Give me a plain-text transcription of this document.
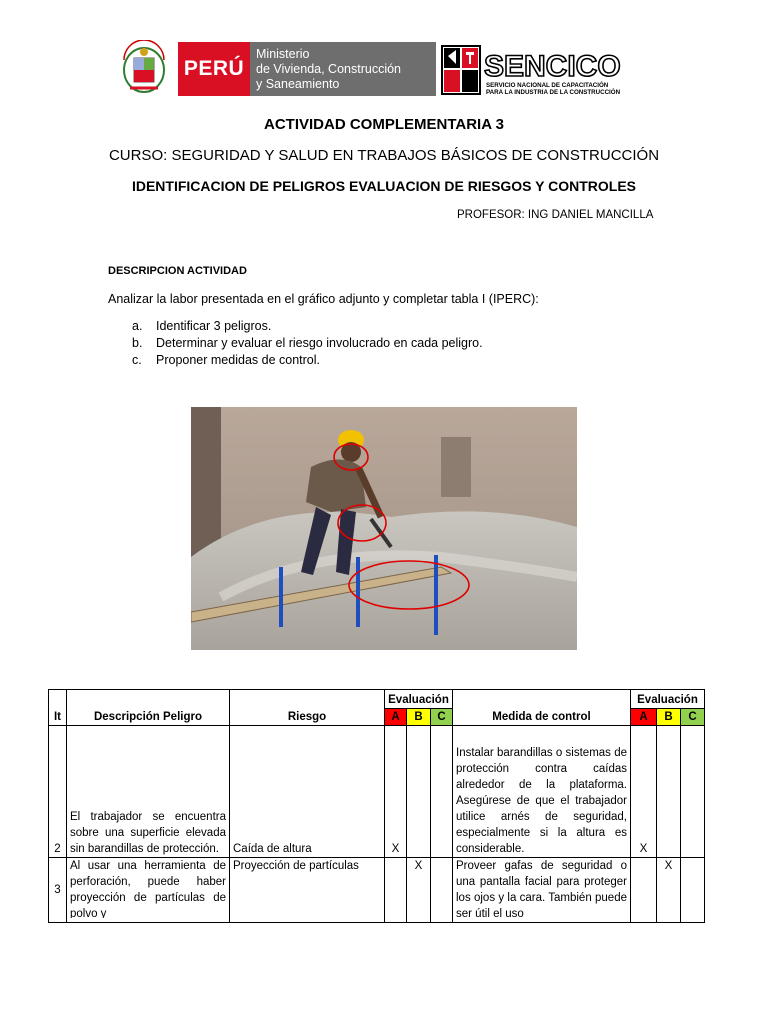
PERÚ
Ministerio
de Vivienda, Construcción
y Saneamiento
SENCICO
SERVICIO NACIONAL DE CAPACITACIÓN
PARA LA INDUSTRIA DE LA CONSTRUCCIÓN
ACTIVIDAD COMPLEMENTARIA 3
CURSO: SEGURIDAD Y SALUD EN TRABAJOS BÁSICOS DE CONSTRUCCIÓN
IDENTIFICACION DE PELIGROS EVALUACION DE RIESGOS Y CONTROLES
PROFESOR: ING DANIEL MANCILLA
DESCRIPCION ACTIVIDAD
Analizar la labor presentada en el gráfico adjunto y completar tabla I (IPERC):
a. Identificar 3 peligros.
b. Determinar y evaluar el riesgo involucrado en cada peligro.
c. Proponer medidas de control.
It	Descripción Peligro	Riesgo	Evaluación			Medida de control	Evaluación		
			A	B	C		A	B	C
2	El trabajador se encuentra sobre una superficie elevada sin barandillas de protección.	Caída de altura	X			Instalar barandillas o sistemas de protección contra caídas alrededor de la plataforma. Asegúrese de que el trabajador utilice arnés de seguridad, especialmente si la altura es considerable.	X		
3	Al usar una herramienta de perforación, puede haber proyección de partículas de polvo y	Proyección de partículas		X		Proveer gafas de seguridad o una pantalla facial para proteger los ojos y la cara. También puede ser útil el uso		X	
